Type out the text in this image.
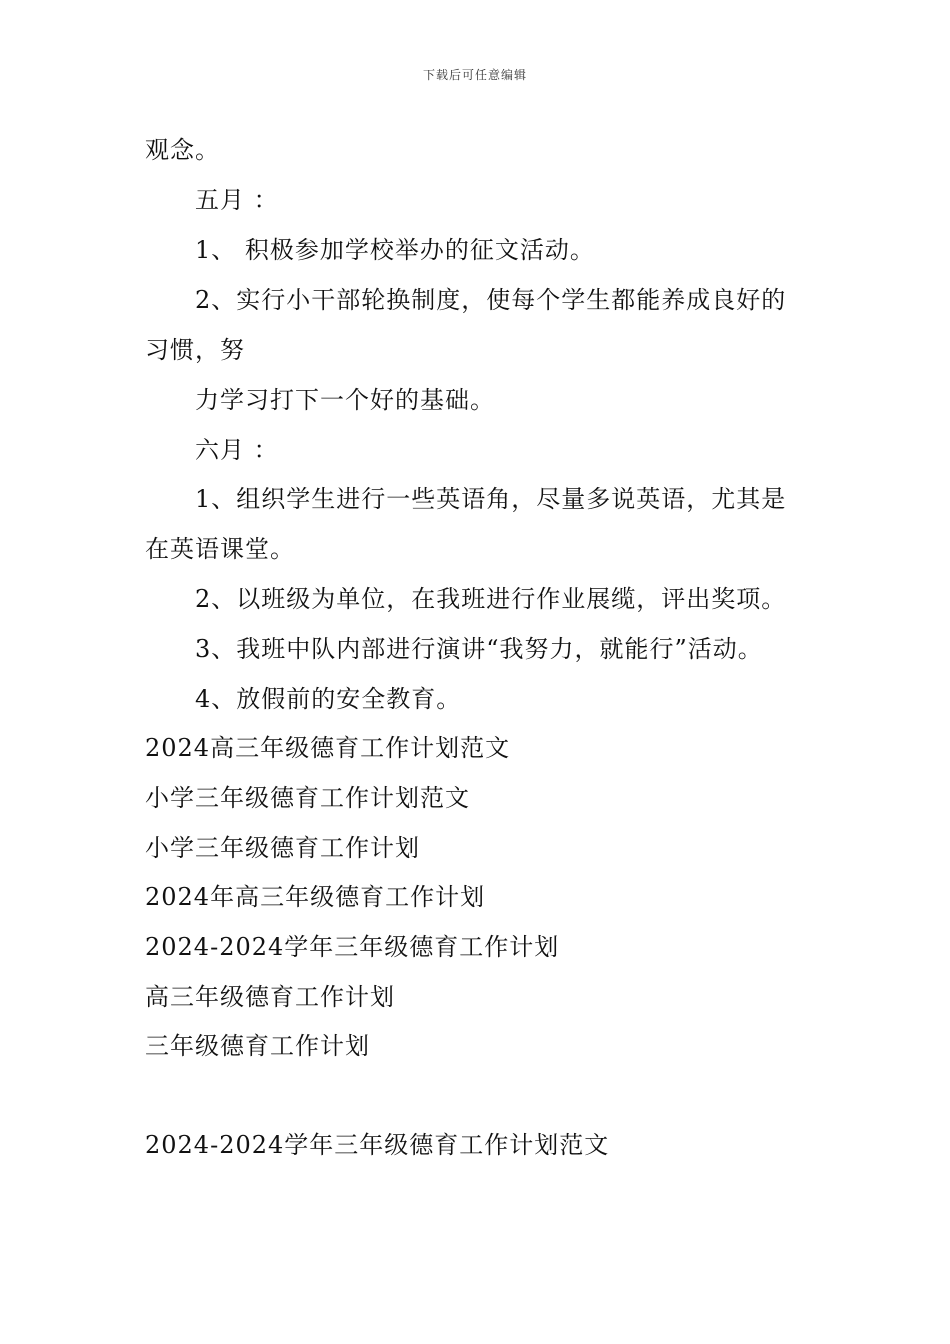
下载后可任意编辑
观念。
五月 ：
1、 积极参加学校举办的征文活动。
2、实行小干部轮换制度，使每个学生都能养成良好的
习惯，努
力学习打下一个好的基础。
六月 ：
1、组织学生进行一些英语角，尽量多说英语，尤其是
在英语课堂。
2、以班级为单位，在我班进行作业展缆，评出奖项。
3、我班中队内部进行演讲“我努力，就能行”活动。
4、放假前的安全教育。
2024高三年级德育工作计划范文
小学三年级德育工作计划范文
小学三年级德育工作计划
2024年高三年级德育工作计划
2024-2024学年三年级德育工作计划
高三年级德育工作计划
三年级德育工作计划
2024-2024学年三年级德育工作计划范文
